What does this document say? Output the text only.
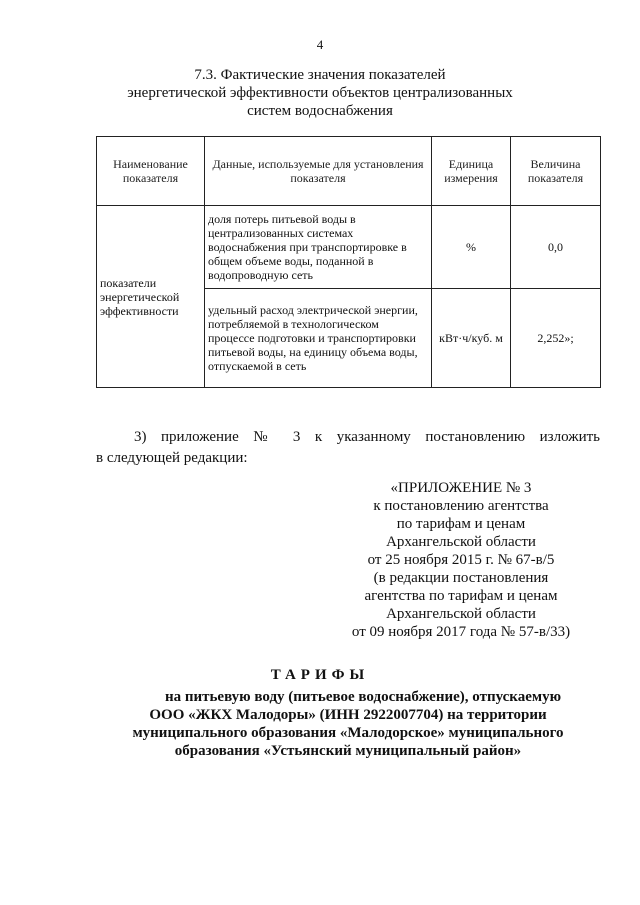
4
7.3. Фактические значения показателей
энергетической эффективности объектов централизованных
систем водоснабжения
Наименование показателя	Данные, используемые для установления показателя	Единица измерения	Величина показателя
показатели энергетической эффективности	доля потерь питьевой воды в централизованных системах водоснабжения при транспортировке в общем объеме воды, поданной в водопроводную сеть	%	0,0
	удельный расход электрической энергии, потребляемой в технологическом процессе подготовки и транспортировки питьевой воды, на единицу объема воды, отпускаемой в сеть	кВт·ч/куб. м	2,252»;
3) приложение № 3 к указанному постановлению изложить
в следующей редакции:
«ПРИЛОЖЕНИЕ № 3
к постановлению агентства
по тарифам и ценам
Архангельской области
от 25 ноября 2015 г. № 67-в/5
(в редакции постановления
агентства по тарифам и ценам
Архангельской области
от 09 ноября 2017 года № 57-в/33)
ТАРИФЫ
на питьевую воду (питьевое водоснабжение), отпускаемую
ООО «ЖКХ Малодоры» (ИНН 2922007704) на территории
муниципального образования «Малодорское» муниципального
образования «Устьянский муниципальный район»
